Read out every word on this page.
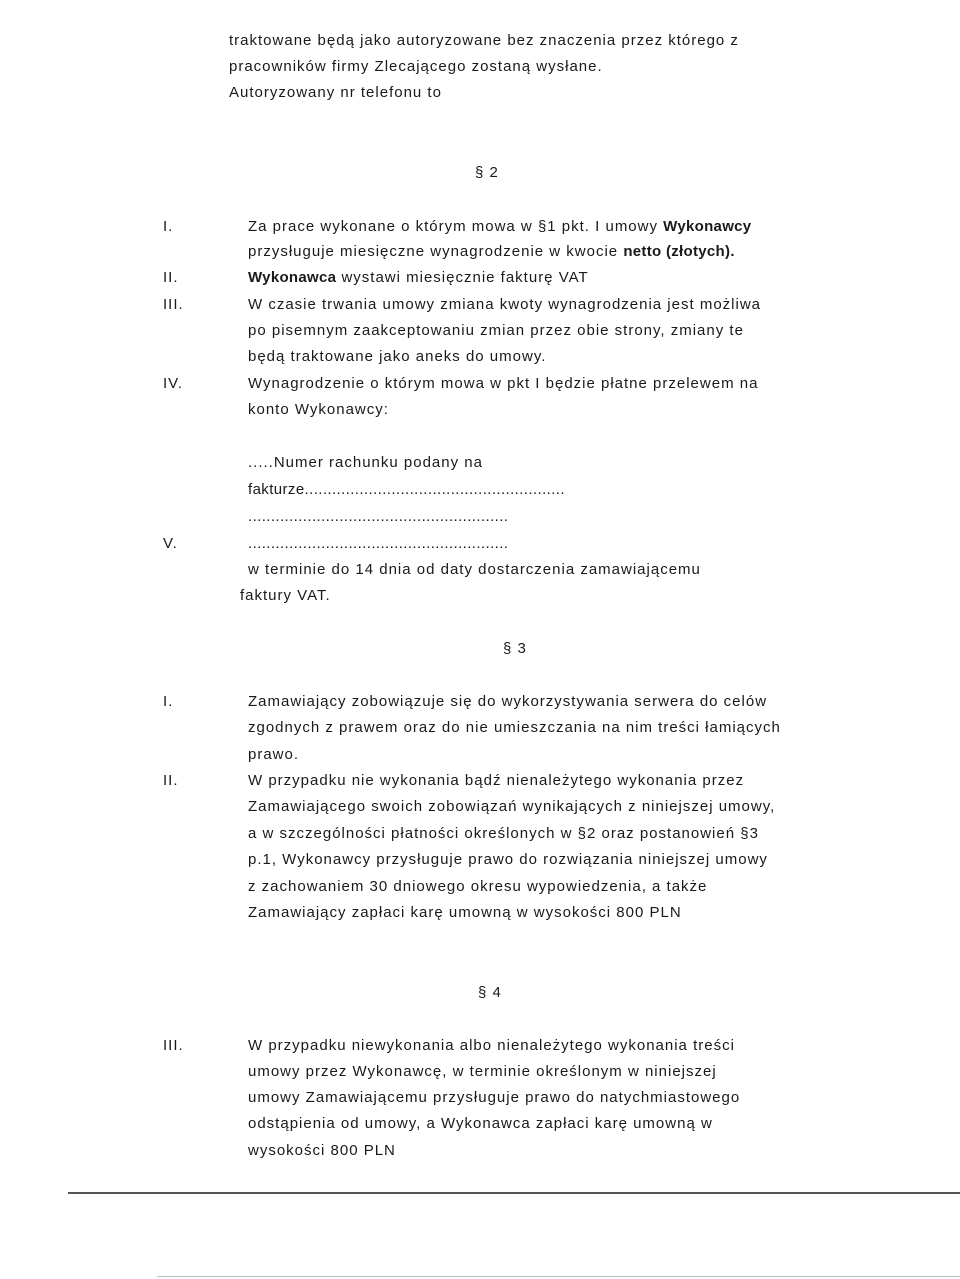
traktowane będą jako autoryzowane bez znaczenia przez którego z
pracowników firmy Zlecającego zostaną wysłane.
Autoryzowany nr telefonu to
§ 2
I.
II.
III.
IV.
V.
Za prace wykonane o którym mowa w §1 pkt. I umowy Wykonawcy
przysługuje miesięczne wynagrodzenie w kwocie netto (złotych).
Wykonawca wystawi miesięcznie fakturę VAT
W czasie trwania umowy zmiana kwoty wynagrodzenia jest możliwa
po pisemnym zaakceptowaniu zmian przez obie strony, zmiany te
będą traktowane jako aneks do umowy.
Wynagrodzenie o którym mowa w pkt I będzie płatne przelewem na
konto Wykonawcy:
.....Numer rachunku podany na
fakturze.........................................................
.........................................................
.........................................................
w terminie do 14 dnia od daty dostarczenia zamawiającemu
faktury VAT.
§ 3
I.
II.
Zamawiający zobowiązuje się do wykorzystywania serwera do celów
zgodnych z prawem oraz do nie umieszczania na nim treści łamiących
prawo.
W przypadku nie wykonania bądź nienależytego wykonania przez
Zamawiającego swoich zobowiązań wynikających z niniejszej umowy,
a w szczególności płatności określonych w §2 oraz postanowień §3
p.1, Wykonawcy przysługuje prawo do rozwiązania niniejszej umowy
z zachowaniem 30 dniowego okresu wypowiedzenia, a także
Zamawiający zapłaci karę umowną w wysokości 800 PLN
§ 4
III.	W przypadku niewykonania albo nienależytego wykonania treści
umowy przez Wykonawcę, w terminie określonym w niniejszej
umowy Zamawiającemu przysługuje prawo do natychmiastowego
odstąpienia od umowy, a Wykonawca zapłaci karę umowną w
wysokości 800 PLN
